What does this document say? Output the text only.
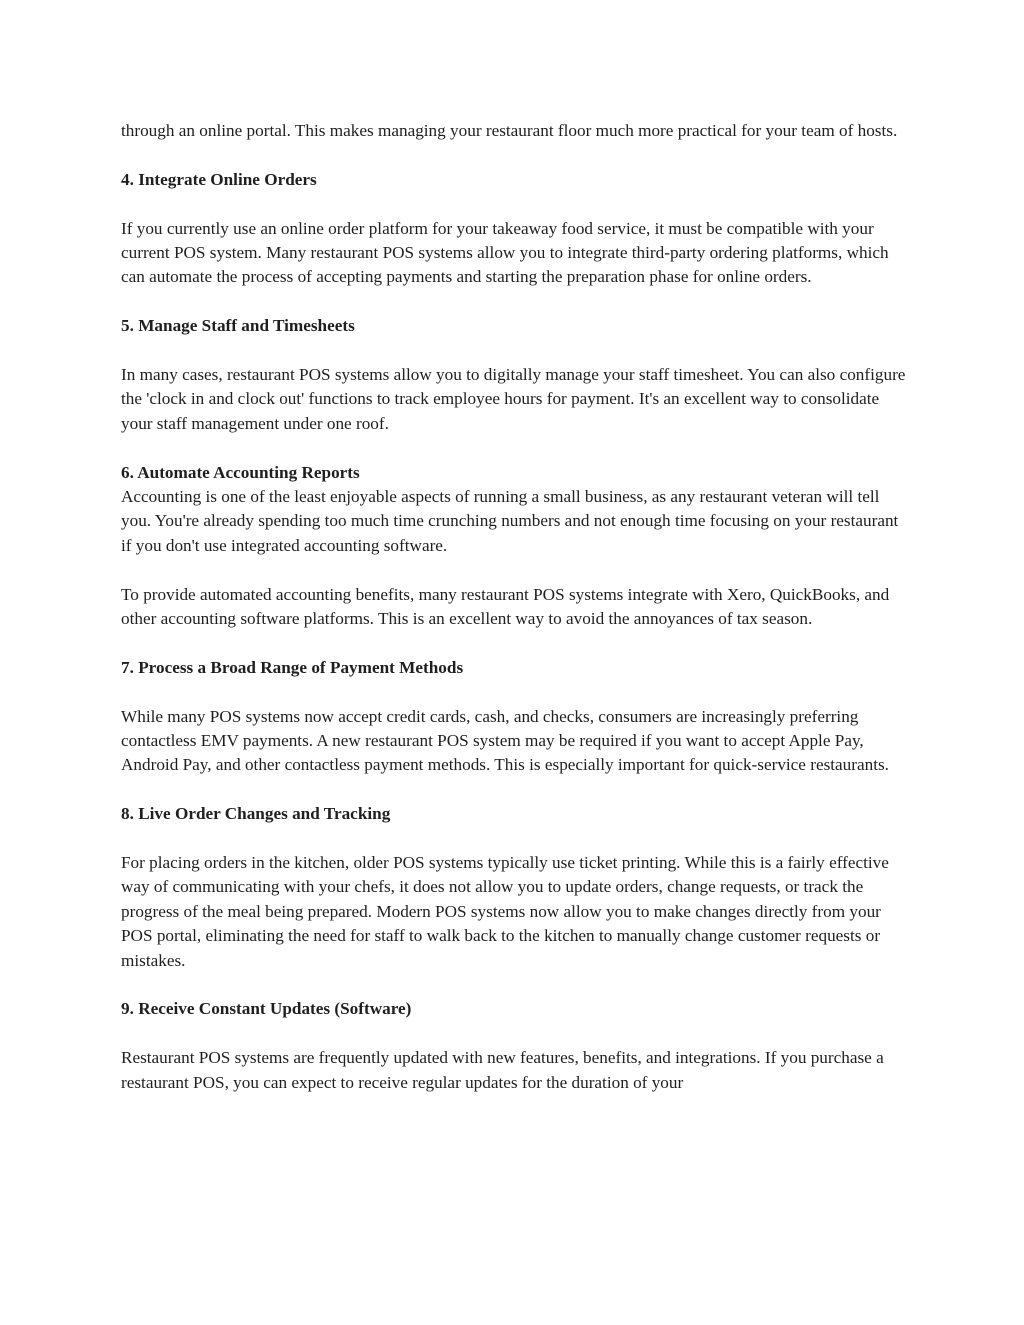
through an online portal. This makes managing your restaurant floor much more practical for your team of hosts.

4. Integrate Online Orders

If you currently use an online order platform for your takeaway food service, it must be compatible with your current POS system. Many restaurant POS systems allow you to integrate third-party ordering platforms, which can automate the process of accepting payments and starting the preparation phase for online orders.

5. Manage Staff and Timesheets

In many cases, restaurant POS systems allow you to digitally manage your staff timesheet. You can also configure the 'clock in and clock out' functions to track employee hours for payment. It's an excellent way to consolidate your staff management under one roof.

6. Automate Accounting Reports

Accounting is one of the least enjoyable aspects of running a small business, as any restaurant veteran will tell you. You're already spending too much time crunching numbers and not enough time focusing on your restaurant if you don't use integrated accounting software.

To provide automated accounting benefits, many restaurant POS systems integrate with Xero, QuickBooks, and other accounting software platforms. This is an excellent way to avoid the annoyances of tax season.

7. Process a Broad Range of Payment Methods

While many POS systems now accept credit cards, cash, and checks, consumers are increasingly preferring contactless EMV payments. A new restaurant POS system may be required if you want to accept Apple Pay, Android Pay, and other contactless payment methods. This is especially important for quick-service restaurants.

8. Live Order Changes and Tracking

For placing orders in the kitchen, older POS systems typically use ticket printing. While this is a fairly effective way of communicating with your chefs, it does not allow you to update orders, change requests, or track the progress of the meal being prepared. Modern POS systems now allow you to make changes directly from your POS portal, eliminating the need for staff to walk back to the kitchen to manually change customer requests or mistakes.

9. Receive Constant Updates (Software)

Restaurant POS systems are frequently updated with new features, benefits, and integrations. If you purchase a restaurant POS, you can expect to receive regular updates for the duration of your
